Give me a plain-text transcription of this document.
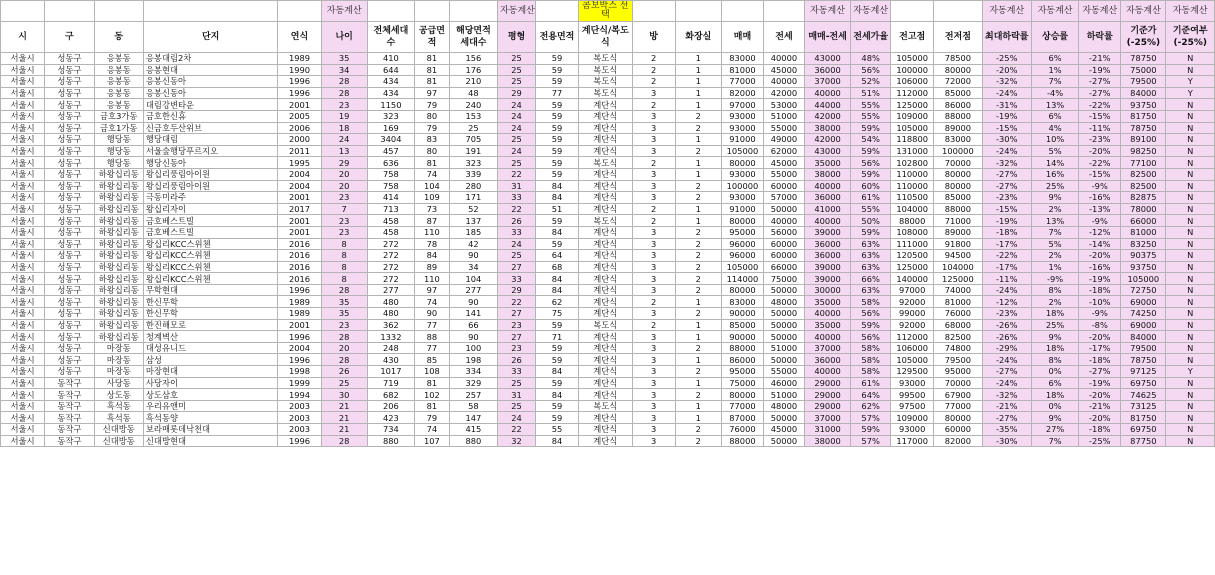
					자동계산				자동계산		콤보박스 선택					자동계산	자동계산			자동계산	자동계산	자동계산	자동계산	자동계산
시	구	동	단지	연식	나이	전체세대수	공급면적	해당면적세대수	평형	전용면적	계단식/복도식	방	화장실	매매	전세	매매-전세	전세가율	전고점	전저점	최대하락률	상승률	하락률	기준가(-25%)	기준여부(-25%)
서울시	성동구	응봉동	응봉대림2차	1989	35	410	81	156	25	59	복도식	2	1	83000	40000	43000	48%	105000	78500	-25%	6%	-21%	78750	N
서울시	성동구	응봉동	응봉현대	1990	34	644	81	176	25	59	복도식	2	1	81000	45000	36000	56%	100000	80000	-20%	1%	-19%	75000	N
서울시	성동구	응봉동	응봉신동아	1996	28	434	81	210	25	59	복도식	2	1	77000	40000	37000	52%	106000	72000	-32%	7%	-27%	79500	Y
서울시	성동구	응봉동	응봉신동아	1996	28	434	97	48	29	77	복도식	3	1	82000	42000	40000	51%	112000	85000	-24%	-4%	-27%	84000	Y
서울시	성동구	응봉동	대림강변타운	2001	23	1150	79	240	24	59	계단식	2	1	97000	53000	44000	55%	125000	86000	-31%	13%	-22%	93750	N
서울시	성동구	금호3가동	금호한신휴	2005	19	323	80	153	24	59	계단식	3	2	93000	51000	42000	55%	109000	88000	-19%	6%	-15%	81750	N
서울시	성동구	금호1가동	신금호두산위브	2006	18	169	79	25	24	59	계단식	3	2	93000	55000	38000	59%	105000	89000	-15%	4%	-11%	78750	N
서울시	성동구	행당동	행당대림	2000	24	3404	83	705	25	59	계단식	3	1	91000	49000	42000	54%	118800	83000	-30%	10%	-23%	89100	N
서울시	성동구	행당동	서울숲행당푸르지오	2011	13	457	80	191	24	59	계단식	3	2	105000	62000	43000	59%	131000	100000	-24%	5%	-20%	98250	N
서울시	성동구	행당동	행당신동아	1995	29	636	81	323	25	59	복도식	2	1	80000	45000	35000	56%	102800	70000	-32%	14%	-22%	77100	N
서울시	성동구	하왕십리동	왕십리풍림아이원	2004	20	758	74	339	22	59	계단식	3	1	93000	55000	38000	59%	110000	80000	-27%	16%	-15%	82500	N
서울시	성동구	하왕십리동	왕십리풍림아이원	2004	20	758	104	280	31	84	계단식	3	2	100000	60000	40000	60%	110000	80000	-27%	25%	-9%	82500	N
서울시	성동구	하왕십리동	극동미라주	2001	23	414	109	171	33	84	계단식	3	2	93000	57000	36000	61%	110500	85000	-23%	9%	-16%	82875	N
서울시	성동구	하왕십리동	왕십리자이	2017	7	713	73	52	22	51	계단식	2	1	91000	50000	41000	55%	104000	88000	-15%	2%	-13%	78000	N
서울시	성동구	하왕십리동	금호베스트빌	2001	23	458	87	137	26	59	복도식	2	1	80000	40000	40000	50%	88000	71000	-19%	13%	-9%	66000	N
서울시	성동구	하왕십리동	금호베스트빌	2001	23	458	110	185	33	84	계단식	3	2	95000	56000	39000	59%	108000	89000	-18%	7%	-12%	81000	N
서울시	성동구	하왕십리동	왕십리KCC스위첸	2016	8	272	78	42	24	59	계단식	3	2	96000	60000	36000	63%	111000	91800	-17%	5%	-14%	83250	N
서울시	성동구	하왕십리동	왕십리KCC스위첸	2016	8	272	84	90	25	64	계단식	3	2	96000	60000	36000	63%	120500	94500	-22%	2%	-20%	90375	N
서울시	성동구	하왕십리동	왕십리KCC스위첸	2016	8	272	89	34	27	68	계단식	3	2	105000	66000	39000	63%	125000	104000	-17%	1%	-16%	93750	N
서울시	성동구	하왕십리동	왕십리KCC스위첸	2016	8	272	110	104	33	84	계단식	3	2	114000	75000	39000	66%	140000	125000	-11%	-9%	-19%	105000	N
서울시	성동구	하왕십리동	무학현대	1996	28	277	97	277	29	84	계단식	3	2	80000	50000	30000	63%	97000	74000	-24%	8%	-18%	72750	N
서울시	성동구	하왕십리동	한신무학	1989	35	480	74	90	22	62	계단식	2	1	83000	48000	35000	58%	92000	81000	-12%	2%	-10%	69000	N
서울시	성동구	하왕십리동	한신무학	1989	35	480	90	141	27	75	계단식	3	2	90000	50000	40000	56%	99000	76000	-23%	18%	-9%	74250	N
서울시	성동구	하왕십리동	한진해모로	2001	23	362	77	66	23	59	복도식	2	1	85000	50000	35000	59%	92000	68000	-26%	25%	-8%	69000	N
서울시	성동구	하왕십리동	청계벽산	1996	28	1332	88	90	27	71	계단식	3	1	90000	50000	40000	56%	112000	82500	-26%	9%	-20%	84000	N
서울시	성동구	마장동	대성유니드	2004	20	248	77	100	23	59	계단식	3	2	88000	51000	37000	58%	106000	74800	-29%	18%	-17%	79500	N
서울시	성동구	마장동	삼성	1996	28	430	85	198	26	59	계단식	3	1	86000	50000	36000	58%	105000	79500	-24%	8%	-18%	78750	N
서울시	성동구	마장동	마장현대	1998	26	1017	108	334	33	84	계단식	3	2	95000	55000	40000	58%	129500	95000	-27%	0%	-27%	97125	Y
서울시	동작구	사당동	사당자이	1999	25	719	81	329	25	59	계단식	3	1	75000	46000	29000	61%	93000	70000	-24%	6%	-19%	69750	N
서울시	동작구	상도동	상도삼호	1994	30	682	102	257	31	84	계단식	3	2	80000	51000	29000	64%	99500	67900	-32%	18%	-20%	74625	N
서울시	동작구	흑석동	우리유앤미	2003	21	206	81	58	25	59	복도식	3	1	77000	48000	29000	62%	97500	77000	-21%	0%	-21%	73125	N
서울시	동작구	흑석동	흑석동양	2003	21	423	79	147	24	59	계단식	3	1	87000	50000	37000	57%	109000	80000	-27%	9%	-20%	81750	N
서울시	동작구	신대방동	보라매롯데낙천대	2003	21	734	74	415	22	55	계단식	3	2	76000	45000	31000	59%	93000	60000	-35%	27%	-18%	69750	N
서울시	동작구	신대방동	신대방현대	1996	28	880	107	880	32	84	계단식	3	2	88000	50000	38000	57%	117000	82000	-30%	7%	-25%	87750	N
